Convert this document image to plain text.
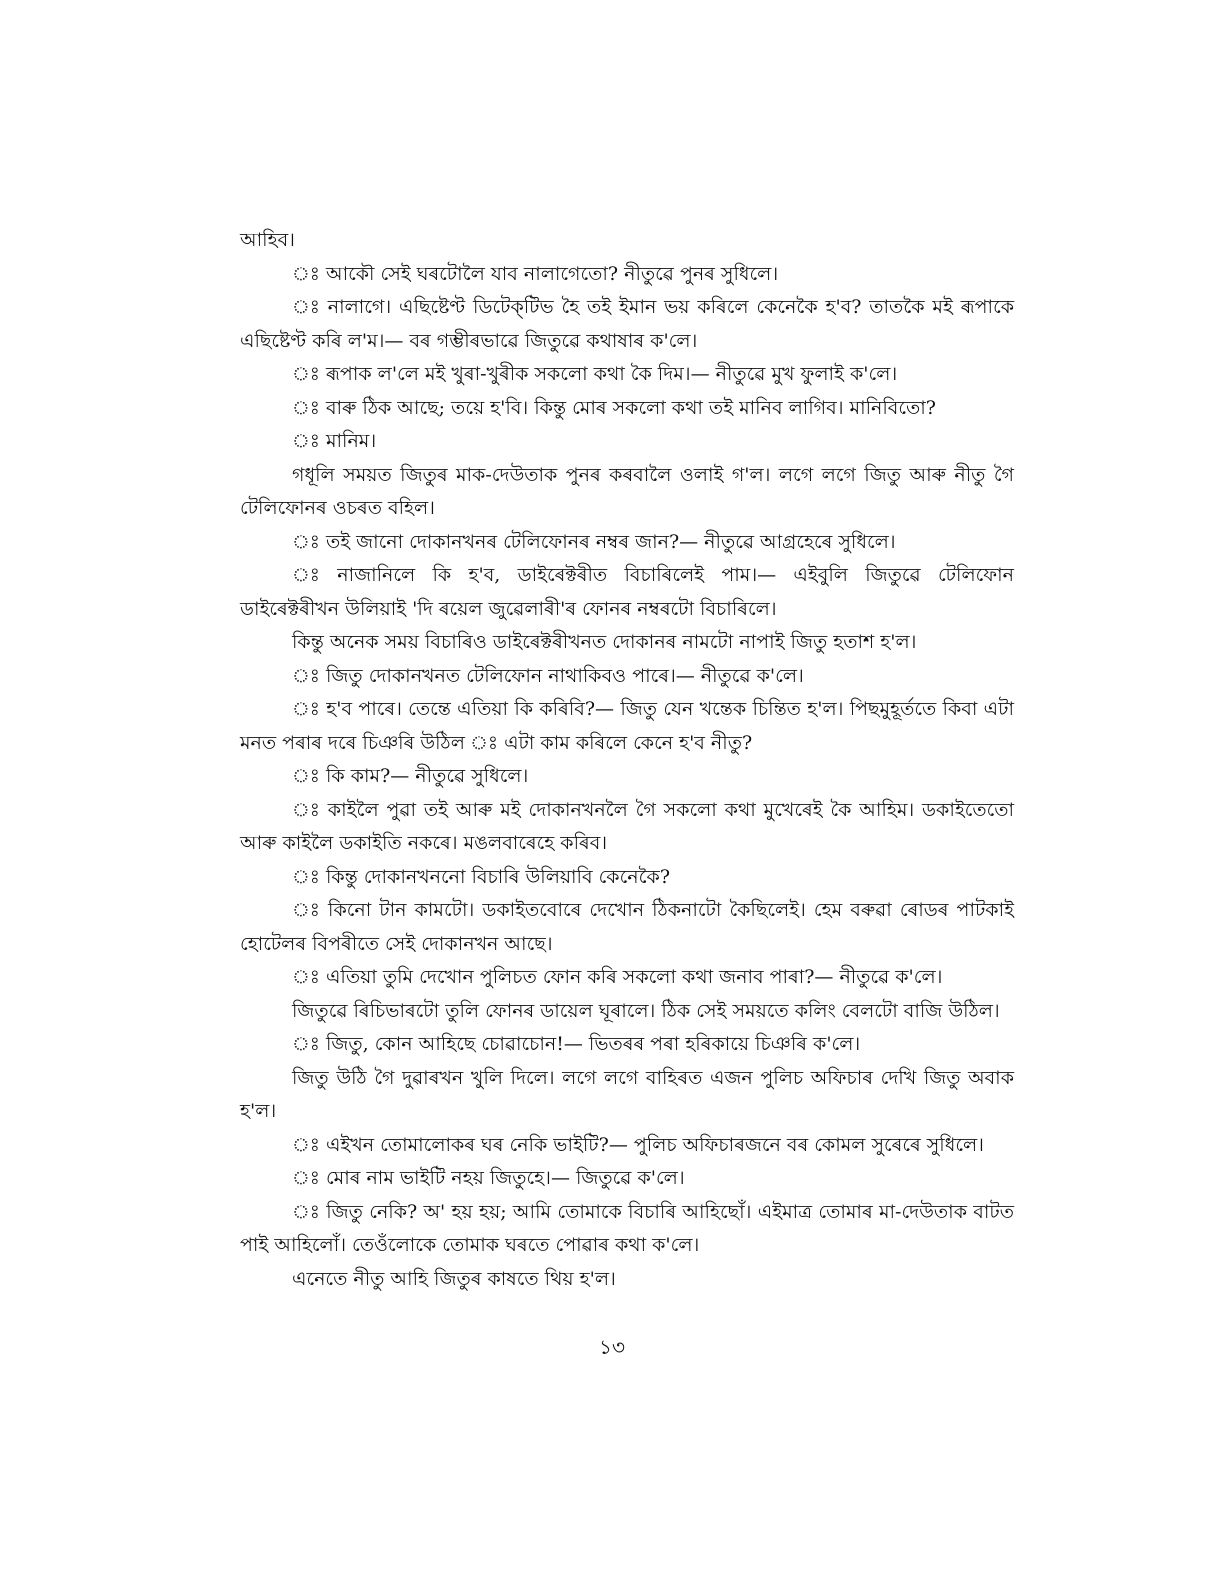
আহিব।

ঃ আকৌ সেই ঘৰটোলৈ যাব নালাগেতো? নীতুৱে পুনৰ সুধিলে।

ঃ নালাগে। এছিষ্টেণ্ট ডিটেক্‌টিভ হৈ তই ইমান ভয় কৰিলে কেনেকৈ হ'ব? তাতকৈ মই ৰূপাকে এছিষ্টেণ্ট কৰি ল'ম।— বৰ গম্ভীৰভাৱে জিতুৱে কথাষাৰ ক'লে।

ঃ ৰূপাক ল'লে মই খুৰা-খুৰীক সকলো কথা কৈ দিম।— নীতুৱে মুখ ফুলাই ক'লে।

ঃ বাৰু ঠিক আছে; তয়ে হ'বি। কিন্তু মোৰ সকলো কথা তই মানিব লাগিব। মানিবিতো?

ঃ মানিম।

গধূলি সময়ত জিতুৰ মাক-দেউতাক পুনৰ কৰবালৈ ওলাই গ'ল। লগে লগে জিতু আৰু নীতু গৈ টেলিফোনৰ ওচৰত বহিল।

ঃ তই জানো দোকানখনৰ টেলিফোনৰ নম্বৰ জান?— নীতুৱে আগ্ৰহেৰে সুধিলে।

ঃ নাজানিলে কি হ'ব, ডাইৰেক্টৰীত বিচাৰিলেই পাম।— এইবুলি জিতুৱে টেলিফোন ডাইৰেক্টৰীখন উলিয়াই 'দি ৰয়েল জুৱেলাৰী'ৰ ফোনৰ নম্বৰটো বিচাৰিলে।

কিন্তু অনেক সময় বিচাৰিও ডাইৰেক্টৰীখনত দোকানৰ নামটো নাপাই জিতু হতাশ হ'ল।

ঃ জিতু দোকানখনত টেলিফোন নাথাকিবও পাৰে।— নীতুৱে ক'লে।

ঃ হ'ব পাৰে। তেন্তে এতিয়া কি কৰিবি?— জিতু যেন খন্তেক চিন্তিত হ'ল। পিছমুহূৰ্ততে কিবা এটা মনত পৰাৰ দৰে চিঞৰি উঠিল ঃ এটা কাম কৰিলে কেনে হ'ব নীতু?

ঃ কি কাম?— নীতুৱে সুধিলে।

ঃ কাইলৈ পুৱা তই আৰু মই দোকানখনলৈ গৈ সকলো কথা মুখেৰেই কৈ আহিম। ডকাইতেতো আৰু কাইলৈ ডকাইতি নকৰে। মঙলবাৰেহে কৰিব।

ঃ কিন্তু দোকানখননো বিচাৰি উলিয়াবি কেনেকৈ?

ঃ কিনো টান কামটো। ডকাইতবোৰে দেখোন ঠিকনাটো কৈছিলেই। হেম বৰুৱা ৰোডৰ পাটকাই হোটেলৰ বিপৰীতে সেই দোকানখন আছে।

ঃ এতিয়া তুমি দেখোন পুলিচত ফোন কৰি সকলো কথা জনাব পাৰা?— নীতুৱে ক'লে।

জিতুৱে ৰিচিভাৰটো তুলি ফোনৰ ডায়েল ঘূৰালে। ঠিক সেই সময়তে কলিং বেলটো বাজি উঠিল।

ঃ জিতু, কোন আহিছে চোৱাচোন!— ভিতৰৰ পৰা হৰিকায়ে চিঞৰি ক'লে।

জিতু উঠি গৈ দুৱাৰখন খুলি দিলে। লগে লগে বাহিৰত এজন পুলিচ অফিচাৰ দেখি জিতু অবাক হ'ল।

ঃ এইখন তোমালোকৰ ঘৰ নেকি ভাইটি?— পুলিচ অফিচাৰজনে বৰ কোমল সুৰেৰে সুধিলে।

ঃ মোৰ নাম ভাইটি নহয় জিতুহে।— জিতুৱে ক'লে।

ঃ জিতু নেকি? অ' হয় হয়; আমি তোমাকে বিচাৰি আহিছোঁ। এইমাত্ৰ তোমাৰ মা-দেউতাক বাটত পাই আহিলোঁ। তেওঁলোকে তোমাক ঘৰতে পোৱাৰ কথা ক'লে।

এনেতে নীতু আহি জিতুৰ কাষতে থিয় হ'ল।

১৩
